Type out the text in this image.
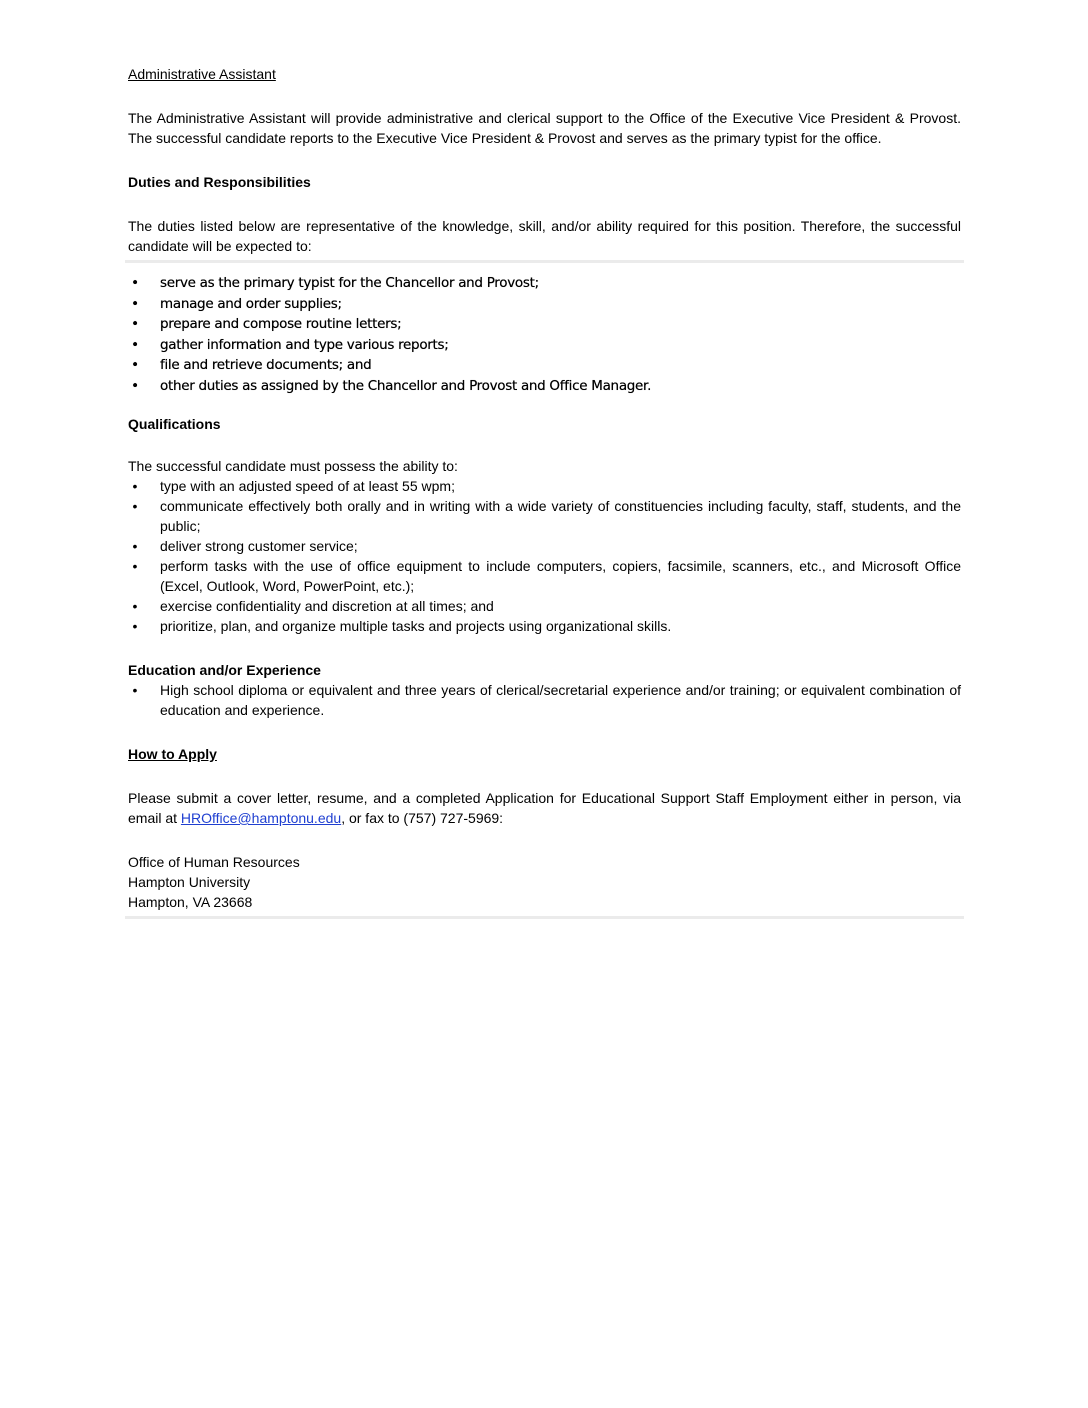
Administrative Assistant

The Administrative Assistant will provide administrative and clerical support to the Office of the Executive Vice President & Provost. The successful candidate reports to the Executive Vice President & Provost and serves as the primary typist for the office.

Duties and Responsibilities

The duties listed below are representative of the knowledge, skill, and/or ability required for this position. Therefore, the successful candidate will be expected to:

• serve as the primary typist for the Chancellor and Provost;
• manage and order supplies;
• prepare and compose routine letters;
• gather information and type various reports;
• file and retrieve documents; and
• other duties as assigned by the Chancellor and Provost and Office Manager.

Qualifications

The successful candidate must possess the ability to:

• type with an adjusted speed of at least 55 wpm;
• communicate effectively both orally and in writing with a wide variety of constituencies including faculty, staff, students, and the public;
• deliver strong customer service;
• perform tasks with the use of office equipment to include computers, copiers, facsimile, scanners, etc., and Microsoft Office (Excel, Outlook, Word, PowerPoint, etc.);
• exercise confidentiality and discretion at all times; and
• prioritize, plan, and organize multiple tasks and projects using organizational skills.

Education and/or Experience

• High school diploma or equivalent and three years of clerical/secretarial experience and/or training; or equivalent combination of education and experience.

How to Apply

Please submit a cover letter, resume, and a completed Application for Educational Support Staff Employment either in person, via email at HROffice@hamptonu.edu, or fax to (757) 727-5969:

Office of Human Resources

Hampton University

Hampton, VA 23668
